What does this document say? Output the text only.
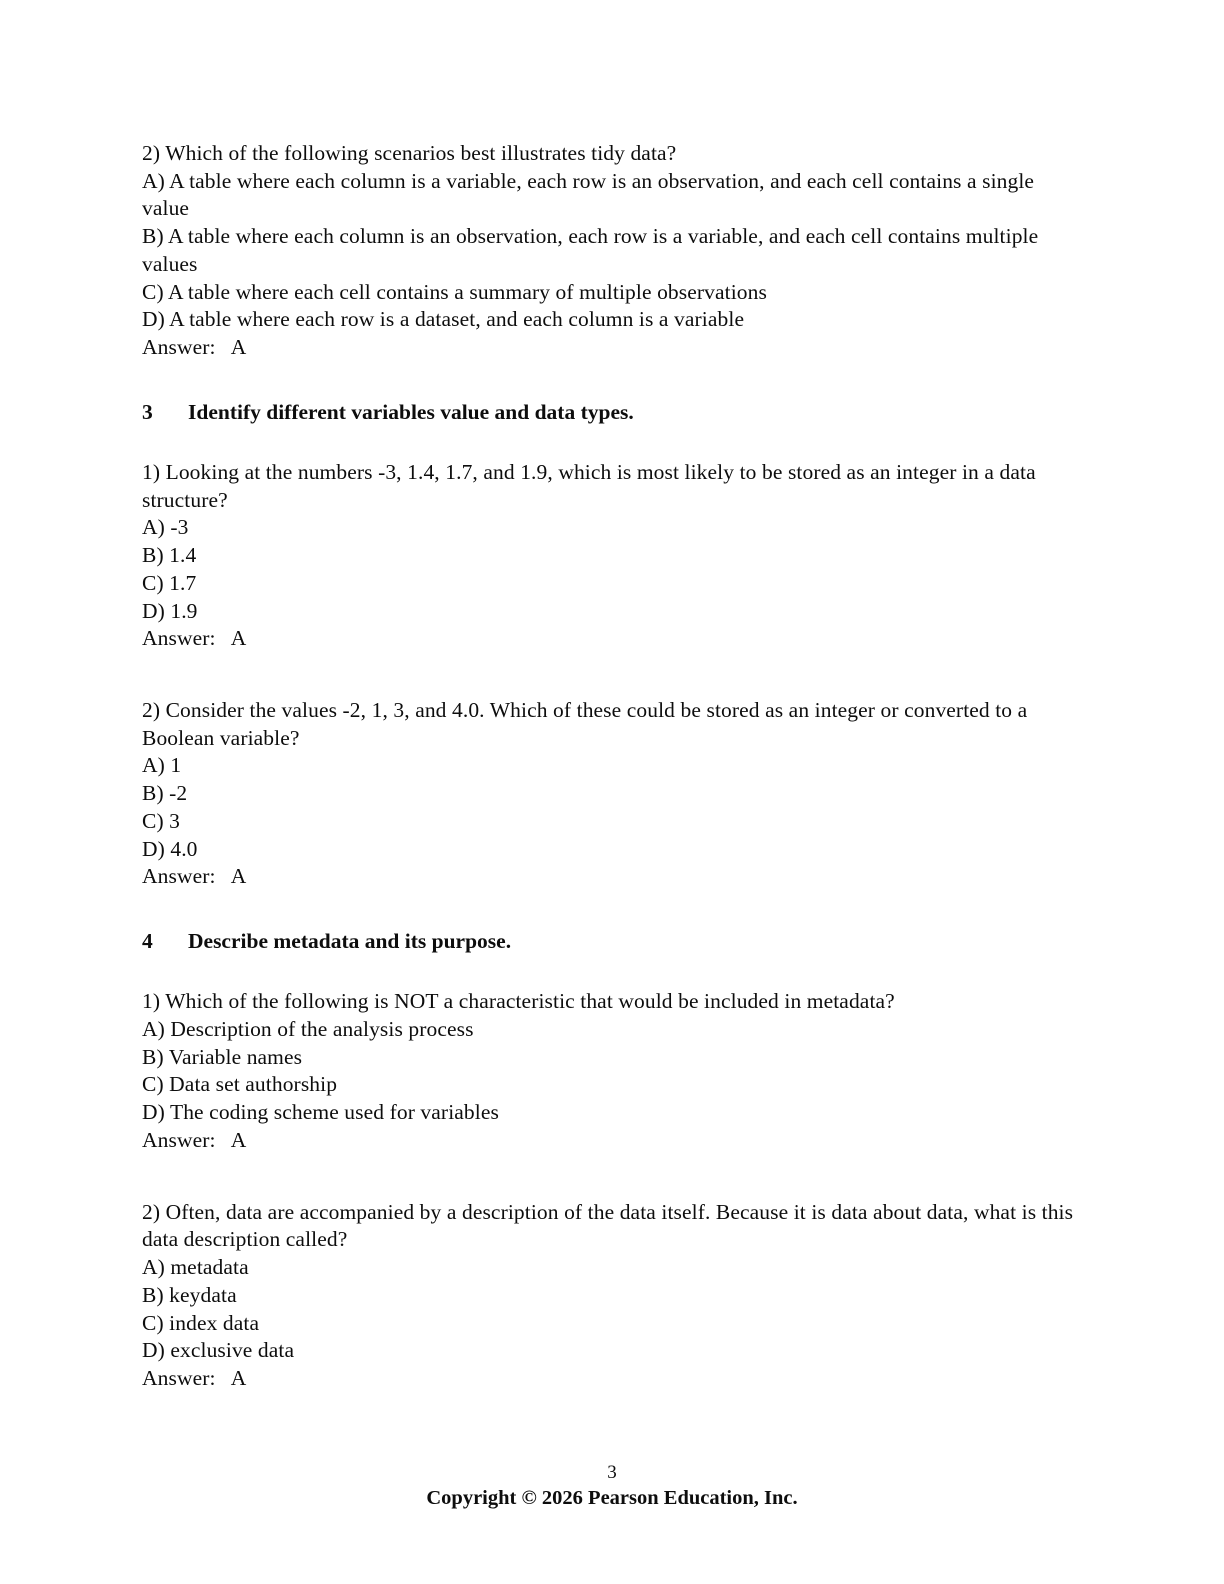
2) Which of the following scenarios best illustrates tidy data?
A) A table where each column is a variable, each row is an observation, and each cell contains a single value
B) A table where each column is an observation, each row is a variable, and each cell contains multiple values
C) A table where each cell contains a summary of multiple observations
D) A table where each row is a dataset, and each column is a variable
Answer:   A
3	Identify different variables value and data types.
1) Looking at the numbers -3, 1.4, 1.7, and 1.9, which is most likely to be stored as an integer in a data structure?
A) -3
B) 1.4
C) 1.7
D) 1.9
Answer:   A
2) Consider the values -2, 1, 3, and 4.0. Which of these could be stored as an integer or converted to a Boolean variable?
A) 1
B) -2
C) 3
D) 4.0
Answer:   A
4	Describe metadata and its purpose.
1) Which of the following is NOT a characteristic that would be included in metadata?
A) Description of the analysis process
B) Variable names
C) Data set authorship
D) The coding scheme used for variables
Answer:   A
2) Often, data are accompanied by a description of the data itself. Because it is data about data, what is this data description called?
A) metadata
B) keydata
C) index data
D) exclusive data
Answer:   A
3
Copyright © 2026 Pearson Education, Inc.
